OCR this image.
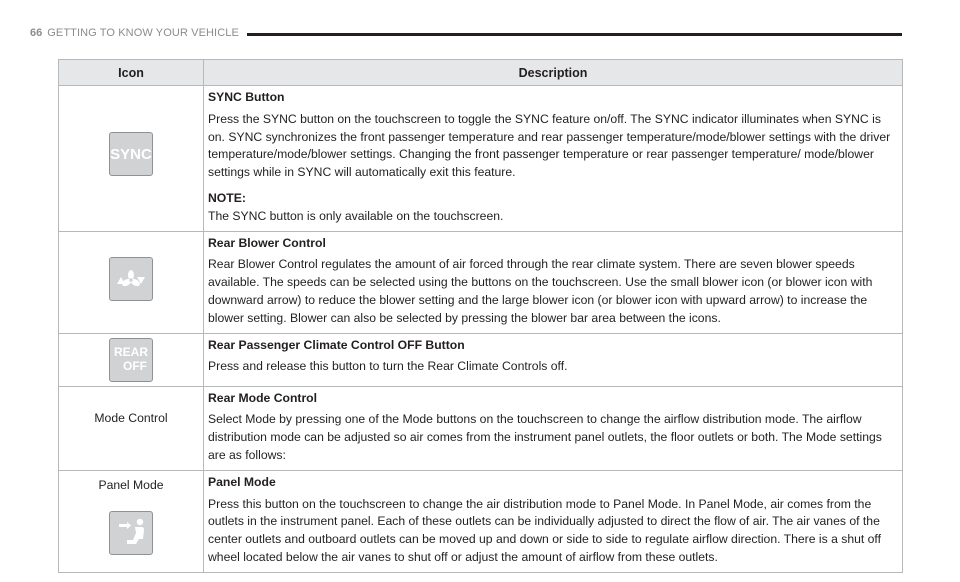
66 GETTING TO KNOW YOUR VEHICLE
Icon	Description

SYNC	SYNC Button
Press the SYNC button on the touchscreen to toggle the SYNC feature on/off. The SYNC indicator illuminates when SYNC is on. SYNC synchronizes the front passenger temperature and rear passenger temperature/mode/blower settings with the driver temperature/mode/blower settings. Changing the front passenger temperature or rear passenger temperature/ mode/blower settings while in SYNC will automatically exit this feature.
NOTE:
The SYNC button is only available on the touchscreen.

Rear Blower Control
Rear Blower Control regulates the amount of air forced through the rear climate system. There are seven blower speeds available. The speeds can be selected using the buttons on the touchscreen. Use the small blower icon (or blower icon with downward arrow) to reduce the blower setting and the large blower icon (or blower icon with upward arrow) to increase the blower setting. Blower can also be selected by pressing the blower bar area between the icons.

REAR
OFF	Rear Passenger Climate Control OFF Button
Press and release this button to turn the Rear Climate Controls off.

Mode Control	Rear Mode Control
Select Mode by pressing one of the Mode buttons on the touchscreen to change the airflow distribution mode. The airflow distribution mode can be adjusted so air comes from the instrument panel outlets, the floor outlets or both. The Mode settings are as follows:

Panel Mode	Panel Mode
Press this button on the touchscreen to change the air distribution mode to Panel Mode. In Panel Mode, air comes from the outlets in the instrument panel. Each of these outlets can be individually adjusted to direct the flow of air. The air vanes of the center outlets and outboard outlets can be moved up and down or side to side to regulate airflow direction. There is a shut off wheel located below the air vanes to shut off or adjust the amount of airflow from these outlets.
